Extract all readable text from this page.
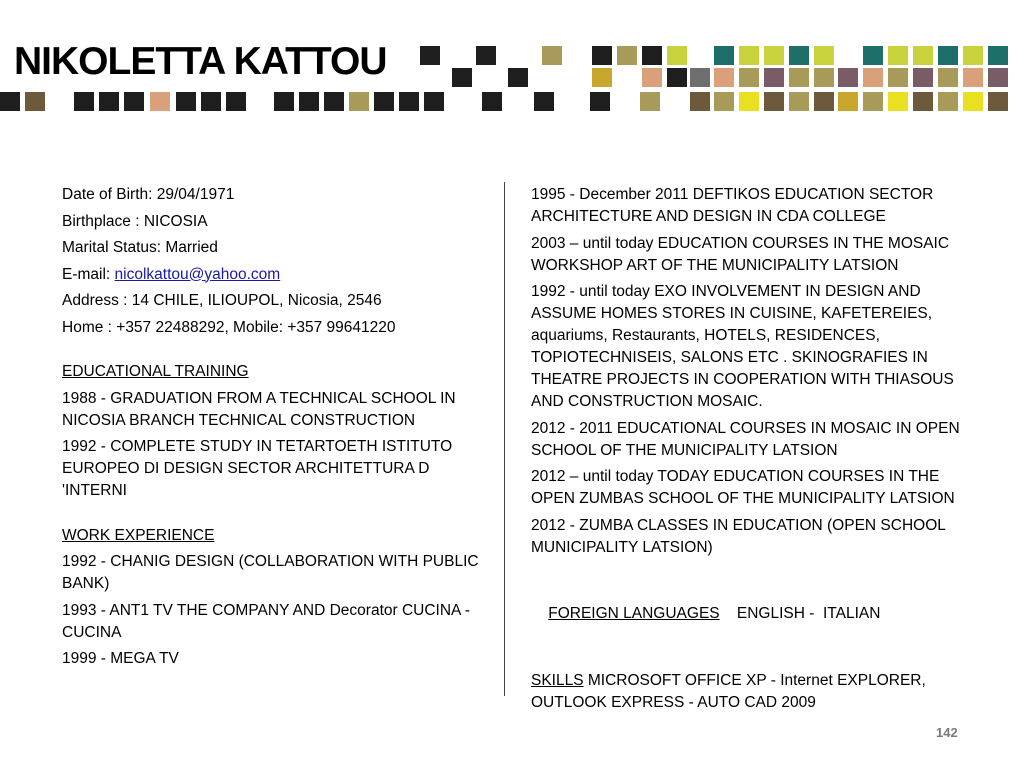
NIKOLETTA KATTOU
Date of Birth: 29/04/1971
Birthplace : NICOSIA
Marital Status: Married
E-mail: nicolkattou@yahoo.com
Address : 14 CHILE, ILIOUPOL, Nicosia, 2546
Home : +357 22488292, Mobile: +357 99641220
EDUCATIONAL TRAINING
1988 - GRADUATION FROM A TECHNICAL SCHOOL IN NICOSIA BRANCH TECHNICAL CONSTRUCTION
1992 - COMPLETE STUDY IN TETARTOETH ISTITUTO EUROPEO DI DESIGN SECTOR ARCHITETTURA D 'INTERNI
WORK EXPERIENCE
1992 - CHANIG DESIGN (COLLABORATION WITH PUBLIC BANK)
1993 - ANT1 TV THE COMPANY AND Decorator CUCINA - CUCINA
1999 - MEGA TV
1995 - December 2011 DEFTIKOS EDUCATION SECTOR ARCHITECTURE AND DESIGN IN CDA COLLEGE
2003 – until today EDUCATION COURSES IN THE MOSAIC WORKSHOP ART OF THE MUNICIPALITY LATSION
1992 - until today EXO INVOLVEMENT IN DESIGN AND ASSUME HOMES STORES IN CUISINE, KAFETEREIES, aquariums, Restaurants, HOTELS, RESIDENCES, TOPIOTECHNISEIS, SALONS ETC . SKINOGRAFIES IN THEATRE PROJECTS IN COOPERATION WITH THIASOUS AND CONSTRUCTION MOSAIC.
2012 - 2011 EDUCATIONAL COURSES IN MOSAIC IN OPEN SCHOOL OF THE MUNICIPALITY LATSION
2012 – until today TODAY EDUCATION COURSES IN THE OPEN ZUMBAS SCHOOL OF THE MUNICIPALITY LATSION
2012 - ZUMBA CLASSES IN EDUCATION (OPEN SCHOOL MUNICIPALITY LATSION)

FOREIGN LANGUAGES    ENGLISH -  ITALIAN

SKILLS MICROSOFT OFFICE XP - Internet EXPLORER, OUTLOOK EXPRESS - AUTO CAD 2009
142
